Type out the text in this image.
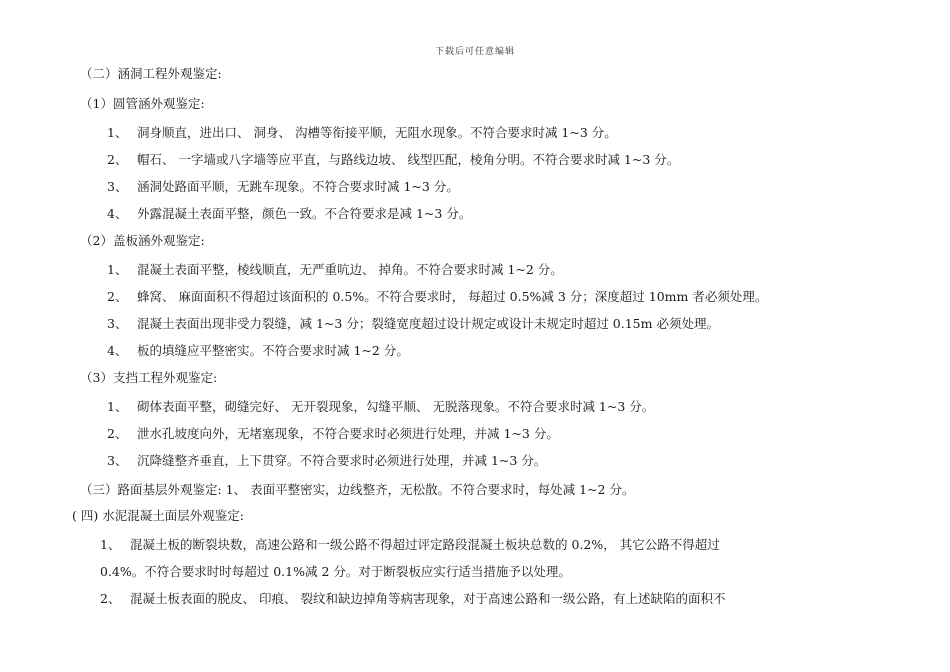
下载后可任意编辑
（二）涵洞工程外观鉴定:
（1）圆管涵外观鉴定:
1、 洞身顺直，进出口、 洞身、 沟槽等衔接平顺，无阻水现象。不符合要求时减 1~3 分。
2、 帽石、 一字墙或八字墙等应平直，与路线边坡、 线型匹配，棱角分明。不符合要求时减 1~3 分。
3、 涵洞处路面平顺，无跳车现象。不符合要求时减 1~3 分。
4、 外露混凝土表面平整，颜色一致。不合符要求是减 1~3 分。
（2）盖板涵外观鉴定:
1、 混凝土表面平整，棱线顺直，无严重吭边、 掉角。不符合要求时减 1~2 分。
2、 蜂窝、 麻面面积不得超过该面积的 0.5%。不符合要求时， 每超过 0.5%减 3 分；深度超过 10mm 者必须处理。
3、 混凝土表面出现非受力裂缝，减 1~3 分；裂缝宽度超过设计规定或设计未规定时超过 0.15m 必须处理。
4、 板的填缝应平整密实。不符合要求时减 1~2 分。
（3）支挡工程外观鉴定:
1、 砌体表面平整，砌缝完好、 无开裂现象，勾缝平顺、 无脱落现象。不符合要求时减 1~3 分。
2、 泄水孔坡度向外，无堵塞现象，不符合要求时必须进行处理，并减 1~3 分。
3、 沉降缝整齐垂直，上下贯穿。不符合要求时必须进行处理，并减 1~3 分。
（三）路面基层外观鉴定: 1、 表面平整密实，边线整齐，无松散。不符合要求时，每处减 1~2 分。
( 四) 水泥混凝土面层外观鉴定:
1、 混凝土板的断裂块数，高速公路和一级公路不得超过评定路段混凝土板块总数的 0.2%， 其它公路不得超过
0.4%。不符合要求时时每超过 0.1%减 2 分。对于断裂板应实行适当措施予以处理。
2、 混凝土板表面的脱皮、 印痕、 裂纹和缺边掉角等病害现象，对于高速公路和一级公路，有上述缺陷的面积不
